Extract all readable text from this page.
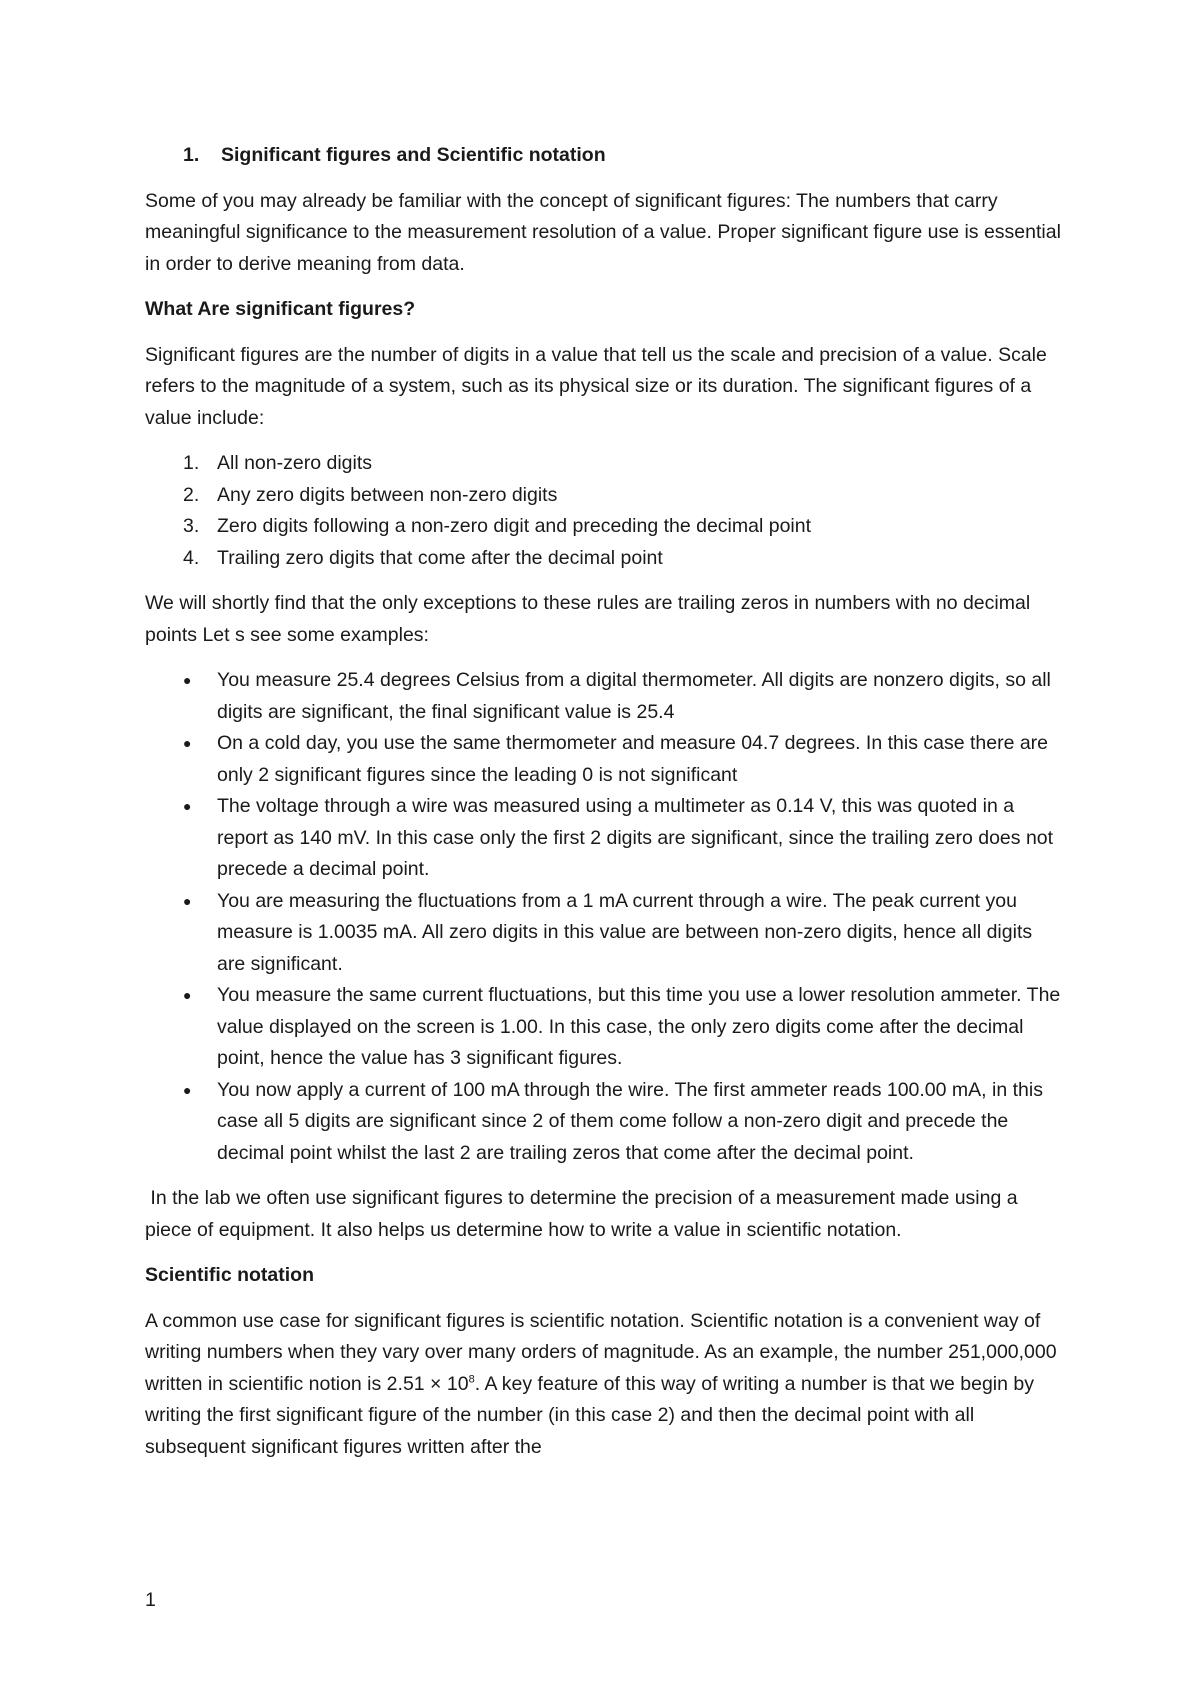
1. Significant figures and Scientific notation
Some of you may already be familiar with the concept of significant figures: The numbers that carry meaningful significance to the measurement resolution of a value. Proper significant figure use is essential in order to derive meaning from data.
What Are significant figures?
Significant figures are the number of digits in a value that tell us the scale and precision of a value. Scale refers to the magnitude of a system, such as its physical size or its duration. The significant figures of a value include:
1. All non-zero digits
2. Any zero digits between non-zero digits
3. Zero digits following a non-zero digit and preceding the decimal point
4. Trailing zero digits that come after the decimal point
We will shortly find that the only exceptions to these rules are trailing zeros in numbers with no decimal points Let s see some examples:
● You measure 25.4 degrees Celsius from a digital thermometer. All digits are nonzero digits, so all digits are significant, the final significant value is 25.4
● On a cold day, you use the same thermometer and measure 04.7 degrees. In this case there are only 2 significant figures since the leading 0 is not significant
● The voltage through a wire was measured using a multimeter as 0.14 V, this was quoted in a report as 140 mV. In this case only the first 2 digits are significant, since the trailing zero does not precede a decimal point.
● You are measuring the fluctuations from a 1 mA current through a wire. The peak current you measure is 1.0035 mA. All zero digits in this value are between non-zero digits, hence all digits are significant.
● You measure the same current fluctuations, but this time you use a lower resolution ammeter. The value displayed on the screen is 1.00. In this case, the only zero digits come after the decimal point, hence the value has 3 significant figures.
● You now apply a current of 100 mA through the wire. The first ammeter reads 100.00 mA, in this case all 5 digits are significant since 2 of them come follow a non-zero digit and precede the decimal point whilst the last 2 are trailing zeros that come after the decimal point.
In the lab we often use significant figures to determine the precision of a measurement made using a piece of equipment. It also helps us determine how to write a value in scientific notation.
Scientific notation
A common use case for significant figures is scientific notation. Scientific notation is a convenient way of writing numbers when they vary over many orders of magnitude. As an example, the number 251,000,000 written in scientific notion is $2.51 \times 10^8$. A key feature of this way of writing a number is that we begin by writing the first significant figure of the number (in this case 2) and then the decimal point with all subsequent significant figures written after the
1
